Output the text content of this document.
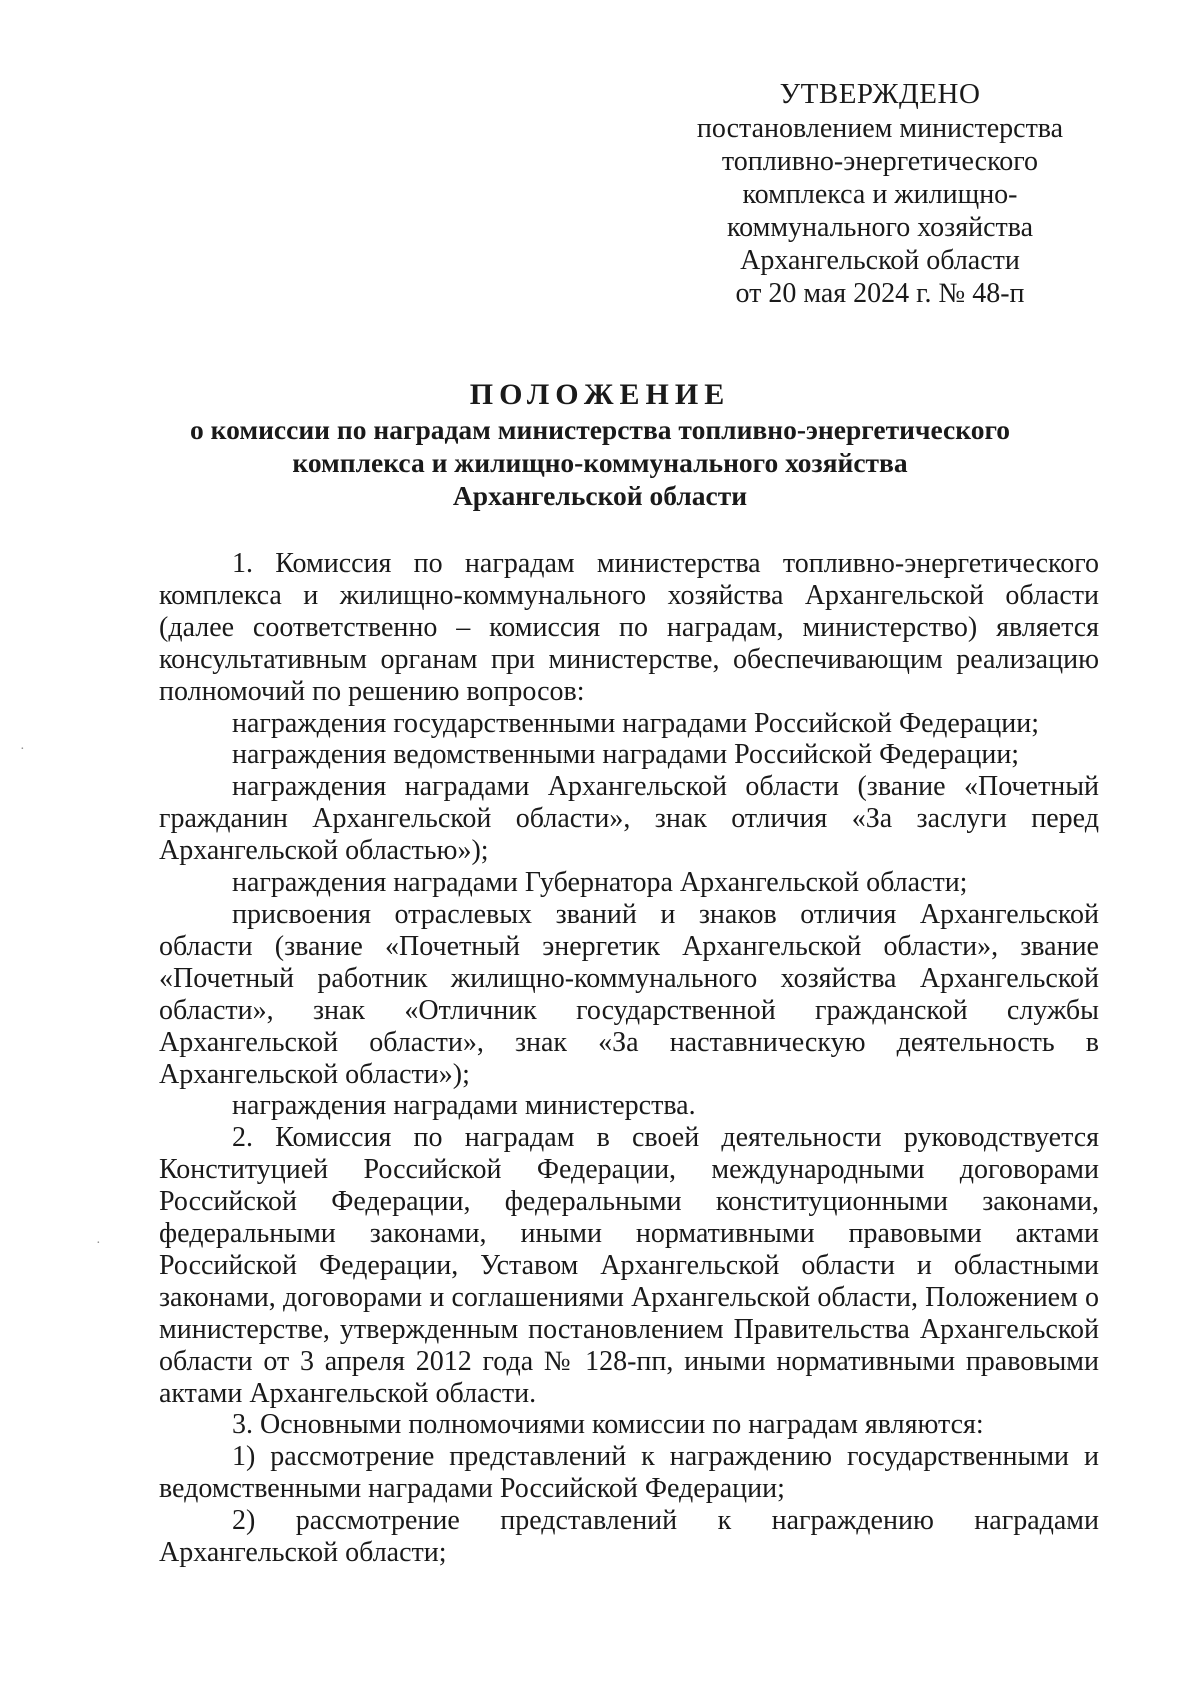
УТВЕРЖДЕНО
постановлением министерства
топливно-энергетического
комплекса и жилищно-
коммунального хозяйства
Архангельской области
от 20 мая 2024 г. № 48-п
ПОЛОЖЕНИЕ
о комиссии по наградам министерства топливно-энергетического
комплекса и жилищно-коммунального хозяйства
Архангельской области

1. Комиссия по наградам министерства топливно-энергетического комплекса и жилищно-коммунального хозяйства Архангельской области (далее соответственно – комиссия по наградам, министерство) является консультативным органам при министерстве, обеспечивающим реализацию полномочий по решению вопросов:

награждения государственными наградами Российской Федерации;

награждения ведомственными наградами Российской Федерации;

награждения наградами Архангельской области (звание «Почетный гражданин Архангельской области», знак отличия «За заслуги перед Архангельской областью»);

награждения наградами Губернатора Архангельской области;

присвоения отраслевых званий и знаков отличия Архангельской области (звание «Почетный энергетик Архангельской области», звание «Почетный работник жилищно-коммунального хозяйства Архангельской области», знак «Отличник государственной гражданской службы Архангельской области», знак «За наставническую деятельность в Архангельской области»);

награждения наградами министерства.

2. Комиссия по наградам в своей деятельности руководствуется Конституцией Российской Федерации, международными договорами Российской Федерации, федеральными конституционными законами, федеральными законами, иными нормативными правовыми актами Российской Федерации, Уставом Архангельской области и областными законами, договорами и соглашениями Архангельской области, Положением о министерстве, утвержденным постановлением Правительства Архангельской области от 3 апреля 2012 года № 128-пп, иными нормативными правовыми актами Архангельской области.

3. Основными полномочиями комиссии по наградам являются:

1) рассмотрение представлений к награждению государственными и ведомственными наградами Российской Федерации;

2) рассмотрение представлений к награждению наградами Архангельской области;

·
·
